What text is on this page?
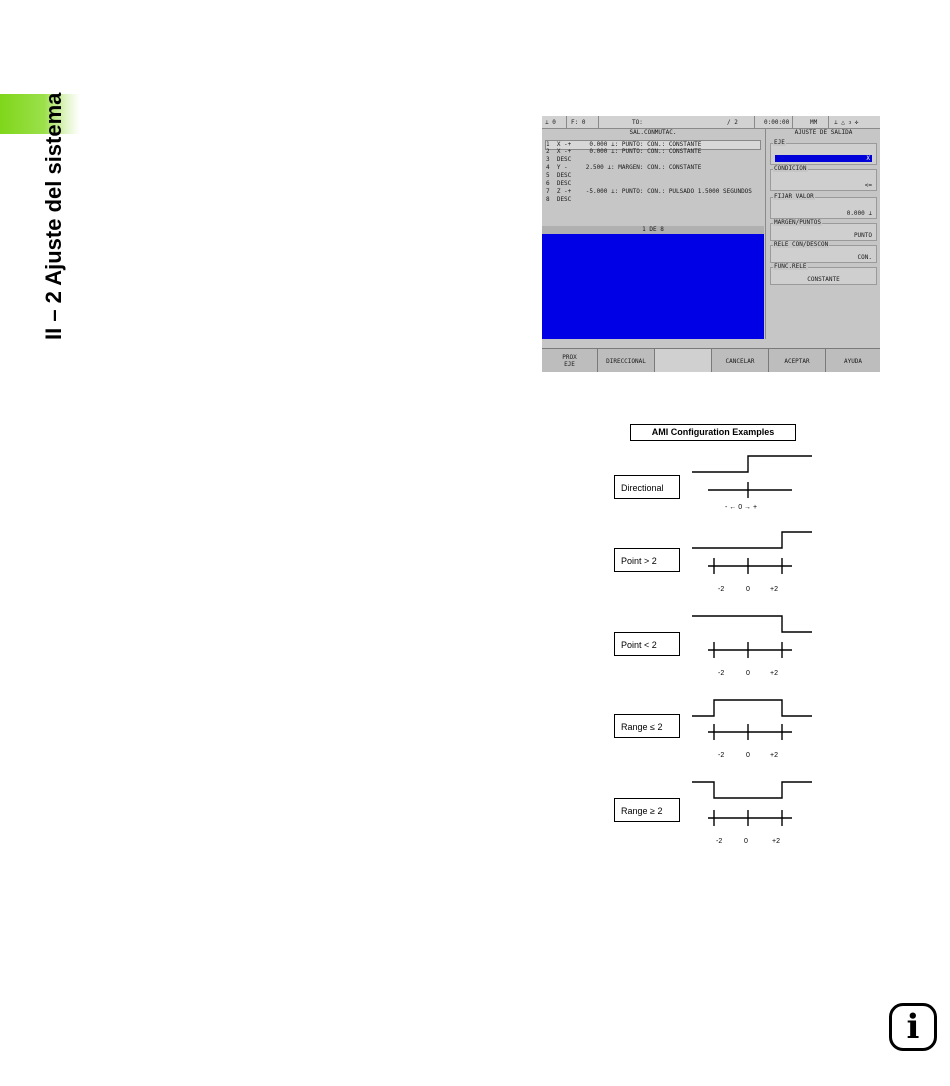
II – 2 Ajuste del sistema	⊥ 0	F: 0	TO:	/ 2	0:00:00	MM	⊥ △ ↄ ✣
SAL.CONMUTAC.
1  X -+     0.000 ⊥: PUNTO: CON.: CONSTANTE
2  X -+     0.000 ⊥: PUNTO: CON.: CONSTANTE
3  DESC
4  Y -     2.500 ⊥: MARGEN: CON.: CONSTANTE
5  DESC
6  DESC
7  Z -+    -5.000 ⊥: PUNTO: CON.: PULSADO 1.5000 SEGUNDOS
8  DESC
1 DE 8
AJUSTE DE SALIDA
EJE
X
CONDICION
<=
FIJAR VALOR
0.000 ⊥
MARGEN/PUNTOS
PUNTO
RELE CON/DESCON
CON.
FUNC.RELE
CONSTANTE
PROX
EJE	DIRECCIONAL	CANCELAR	ACEPTAR	AYUDA
AMI Configuration Examples
Directional
- ← 0 → +
Point > 2
-2	0	+2
Point < 2
-2	0	+2
Range ≤ 2
-2	0	+2
Range ≥ 2
-2	0	+2
i
